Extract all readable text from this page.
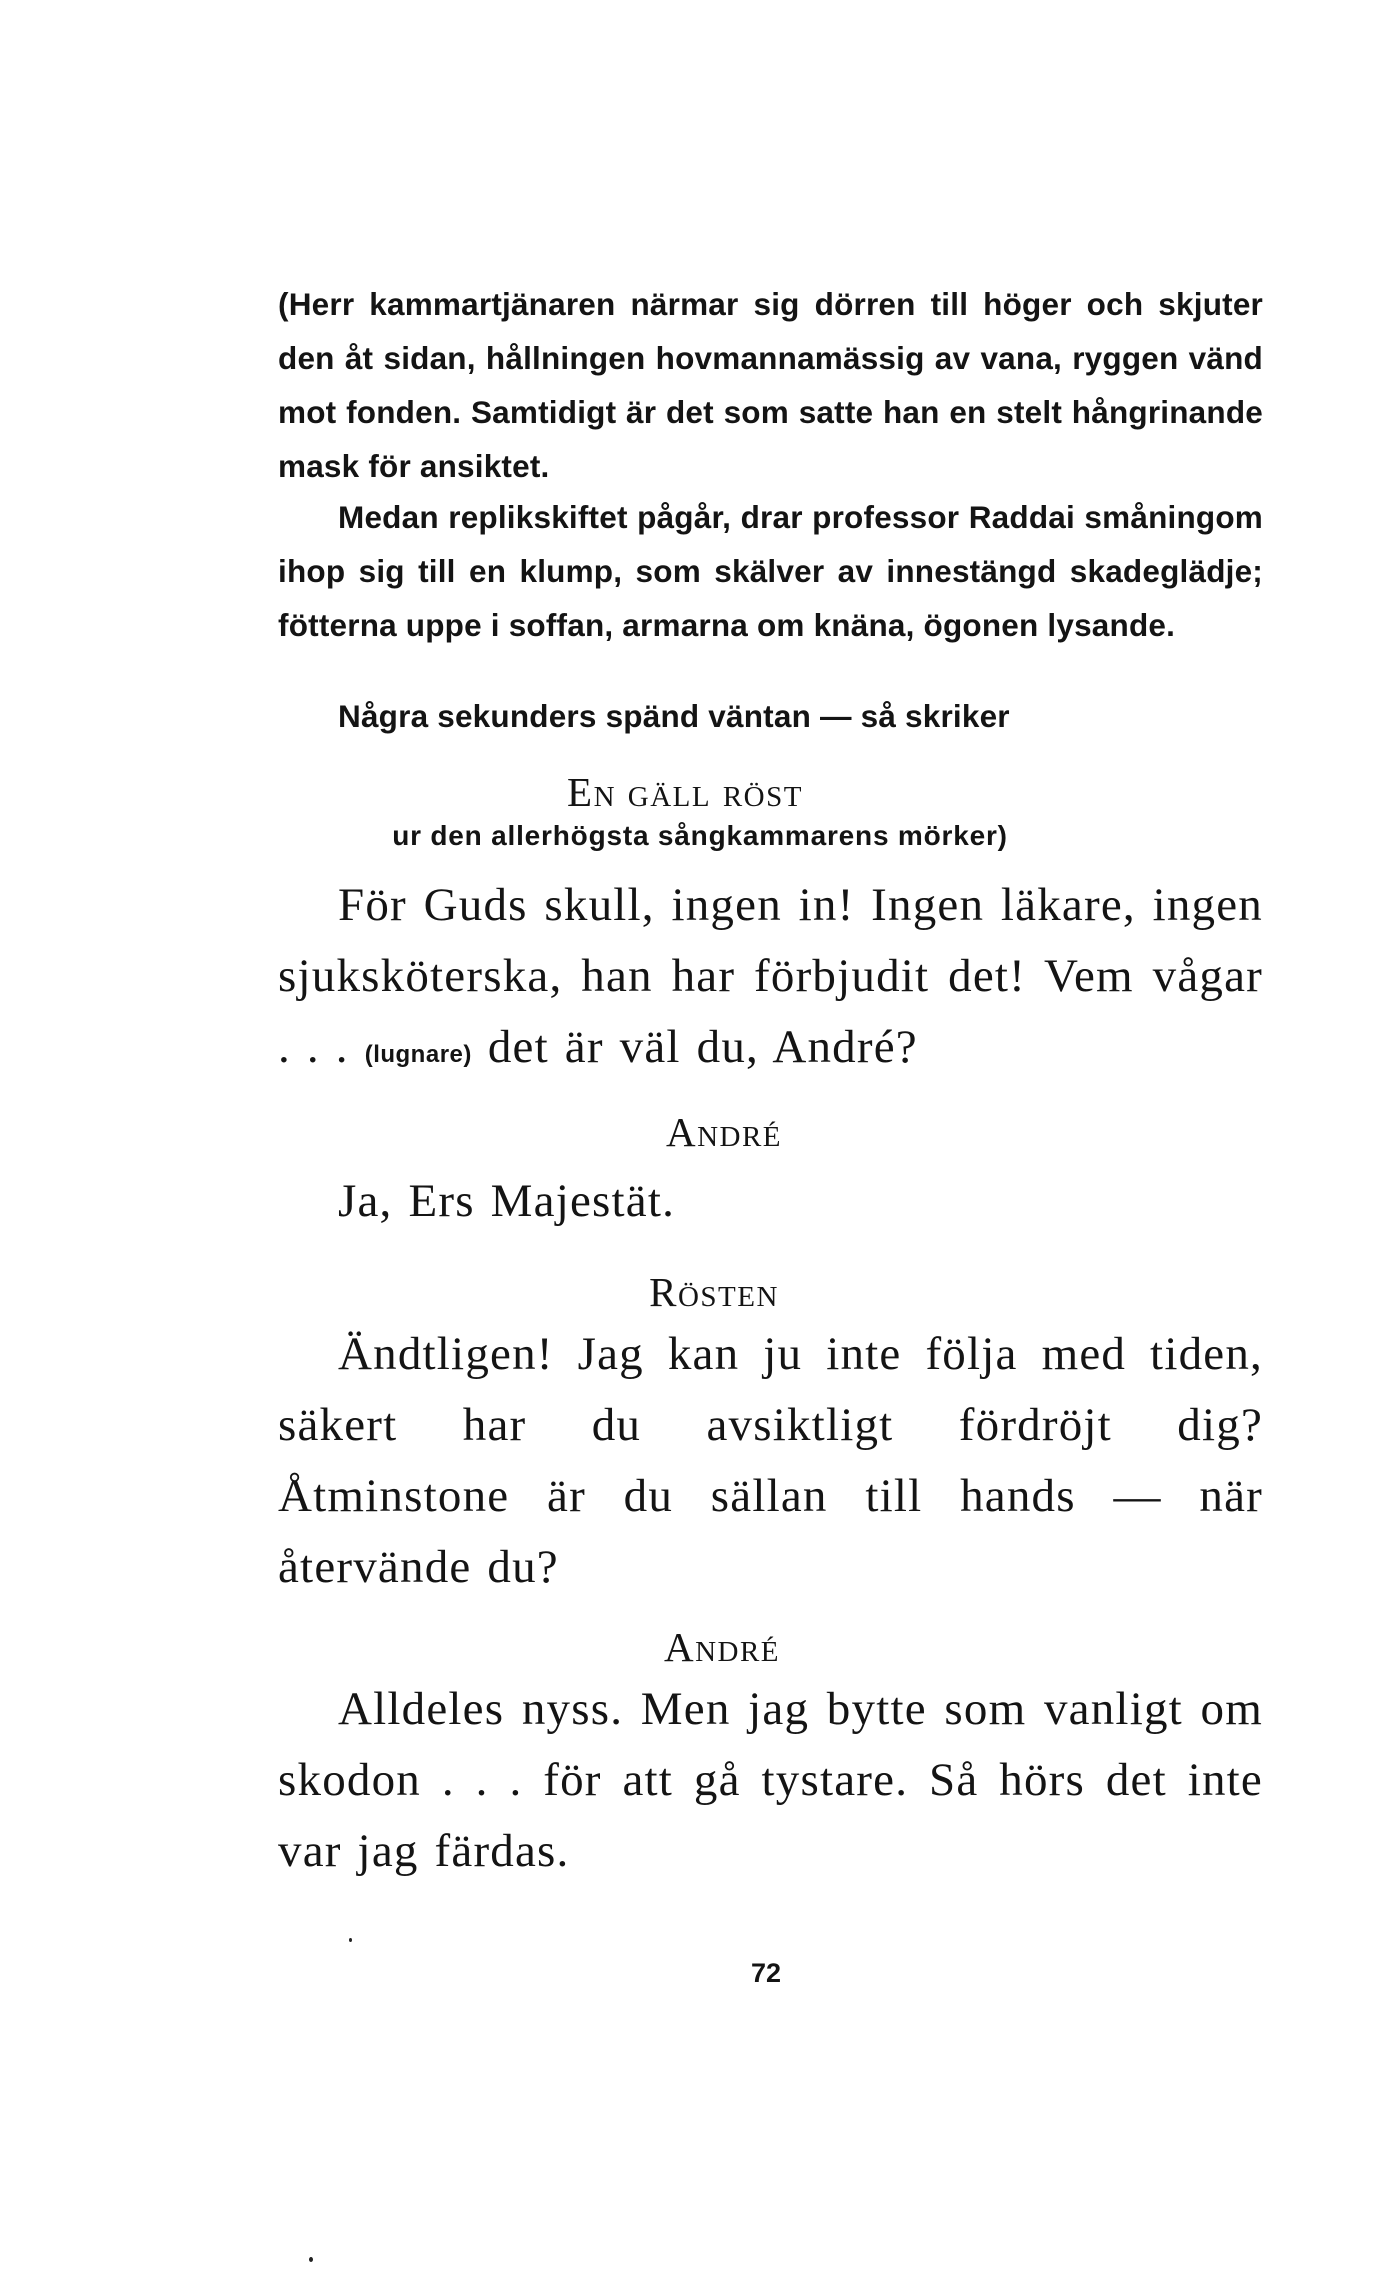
(Herr kammartjänaren närmar sig dörren till höger och skjuter den åt sidan, hållningen hovmannamässig av vana, ryggen vänd mot fonden. Samtidigt är det som satte han en stelt hångrinande mask för ansiktet.

Medan replikskiftet pågår, drar professor Raddai småningom ihop sig till en klump, som skälver av innestängd skadeglädje; fötterna uppe i soffan, armarna om knäna, ögonen lysande.

Några sekunders spänd väntan — så skriker

En gäll röst

ur den allerhögsta sångkammarens mörker)

För Guds skull, ingen in! Ingen läkare, ingen sjuksköterska, han har förbjudit det! Vem vågar . . . (lugnare) det är väl du, André?

André

Ja, Ers Majestät.

Rösten

Ändtligen! Jag kan ju inte följa med tiden, säkert har du avsiktligt fördröjt dig? Åtminstone är du sällan till hands — när återvände du?

André

Alldeles nyss. Men jag bytte som vanligt om skodon . . . för att gå tystare. Så hörs det inte var jag färdas.

72
